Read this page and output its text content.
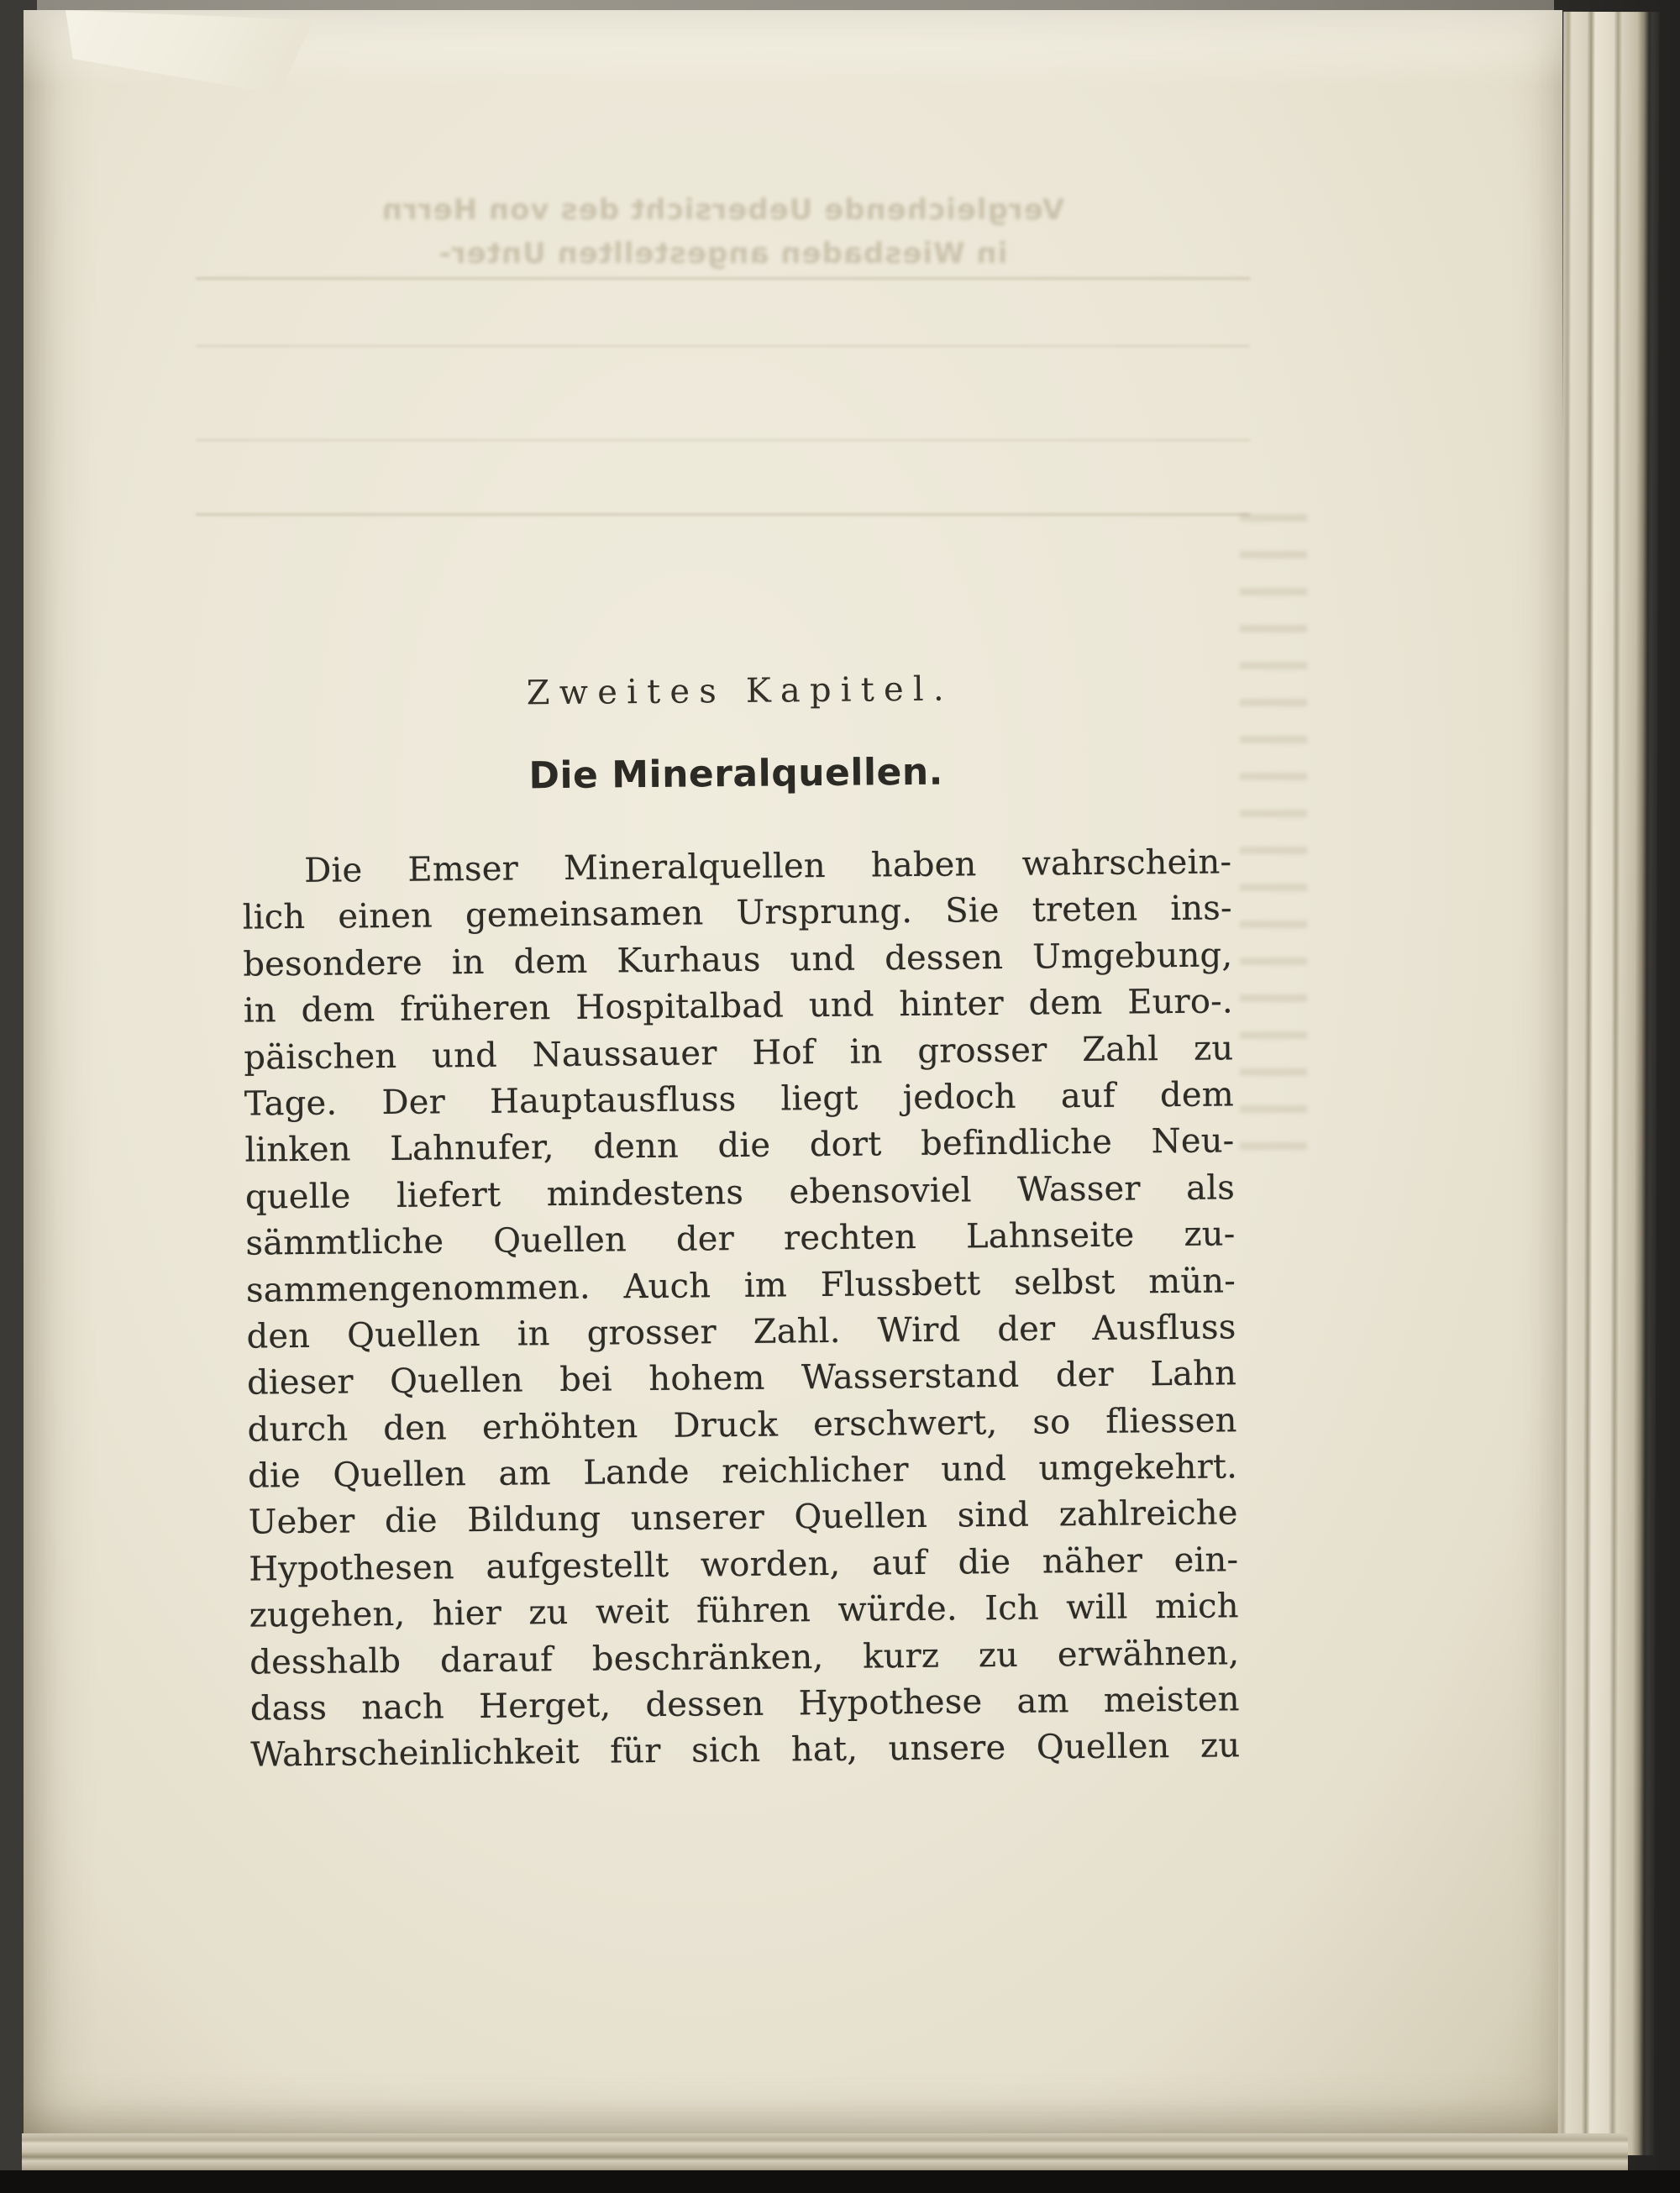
Vergleichende Uebersicht des von Herrn
in Wiesbaden angestellten Unter-
Zweites Kapitel.
Die Mineralquellen.
Die Emser Mineralquellen haben wahrschein-
lich einen gemeinsamen Ursprung. Sie treten ins-
besondere in dem Kurhaus und dessen Umgebung,
in dem früheren Hospitalbad und hinter dem Euro-.
päischen und Naussauer Hof in grosser Zahl zu
Tage. Der Hauptausfluss liegt jedoch auf dem
linken Lahnufer, denn die dort befindliche Neu-
quelle liefert mindestens ebensoviel Wasser als
sämmtliche Quellen der rechten Lahnseite zu-
sammengenommen. Auch im Flussbett selbst mün-
den Quellen in grosser Zahl. Wird der Ausfluss
dieser Quellen bei hohem Wasserstand der Lahn
durch den erhöhten Druck erschwert, so fliessen
die Quellen am Lande reichlicher und umgekehrt.
Ueber die Bildung unserer Quellen sind zahlreiche
Hypothesen aufgestellt worden, auf die näher ein-
zugehen, hier zu weit führen würde. Ich will mich
desshalb darauf beschränken, kurz zu erwähnen,
dass nach Herget, dessen Hypothese am meisten
Wahrscheinlichkeit für sich hat, unsere Quellen zu
